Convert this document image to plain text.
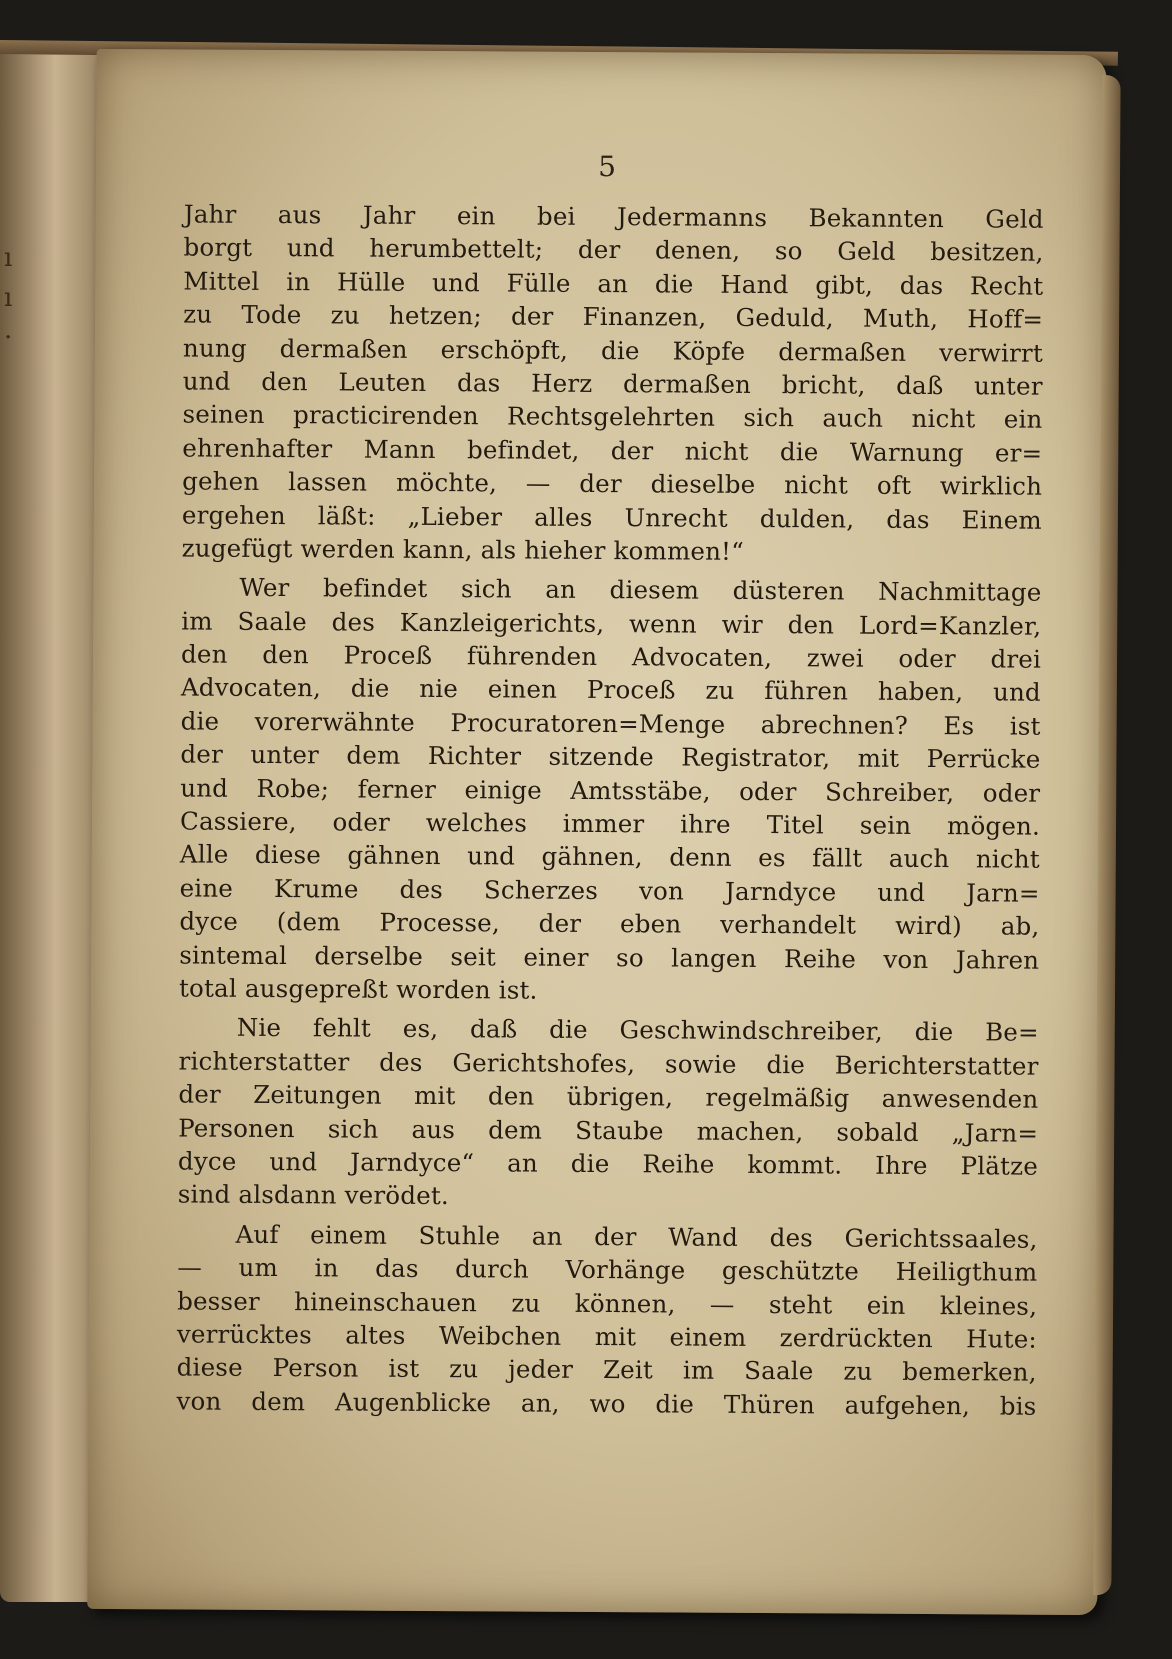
ı
ı
·
5
Jahr aus Jahr ein bei Jedermanns Bekannten Geld
borgt und herumbettelt; der denen, so Geld besitzen,
Mittel in Hülle und Fülle an die Hand gibt, das Recht
zu Tode zu hetzen; der Finanzen, Geduld, Muth, Hoff=
nung dermaßen erschöpft, die Köpfe dermaßen verwirrt
und den Leuten das Herz dermaßen bricht, daß unter
seinen practicirenden Rechtsgelehrten sich auch nicht ein
ehrenhafter Mann befindet, der nicht die Warnung er=
gehen lassen möchte, — der dieselbe nicht oft wirklich
ergehen läßt: „Lieber alles Unrecht dulden, das Einem
zugefügt werden kann, als hieher kommen!“
Wer befindet sich an diesem düsteren Nachmittage
im Saale des Kanzleigerichts, wenn wir den Lord=Kanzler,
den den Proceß führenden Advocaten, zwei oder drei
Advocaten, die nie einen Proceß zu führen haben, und
die vorerwähnte Procuratoren=Menge abrechnen? Es ist
der unter dem Richter sitzende Registrator, mit Perrücke
und Robe; ferner einige Amtsstäbe, oder Schreiber, oder
Cassiere, oder welches immer ihre Titel sein mögen.
Alle diese gähnen und gähnen, denn es fällt auch nicht
eine Krume des Scherzes von Jarndyce und Jarn=
dyce (dem Processe, der eben verhandelt wird) ab,
sintemal derselbe seit einer so langen Reihe von Jahren
total ausgepreßt worden ist.
Nie fehlt es, daß die Geschwindschreiber, die Be=
richterstatter des Gerichtshofes, sowie die Berichterstatter
der Zeitungen mit den übrigen, regelmäßig anwesenden
Personen sich aus dem Staube machen, sobald „Jarn=
dyce und Jarndyce“ an die Reihe kommt. Ihre Plätze
sind alsdann verödet.
Auf einem Stuhle an der Wand des Gerichtssaales,
— um in das durch Vorhänge geschützte Heiligthum
besser hineinschauen zu können, — steht ein kleines,
verrücktes altes Weibchen mit einem zerdrückten Hute:
diese Person ist zu jeder Zeit im Saale zu bemerken,
von dem Augenblicke an, wo die Thüren aufgehen, bis
